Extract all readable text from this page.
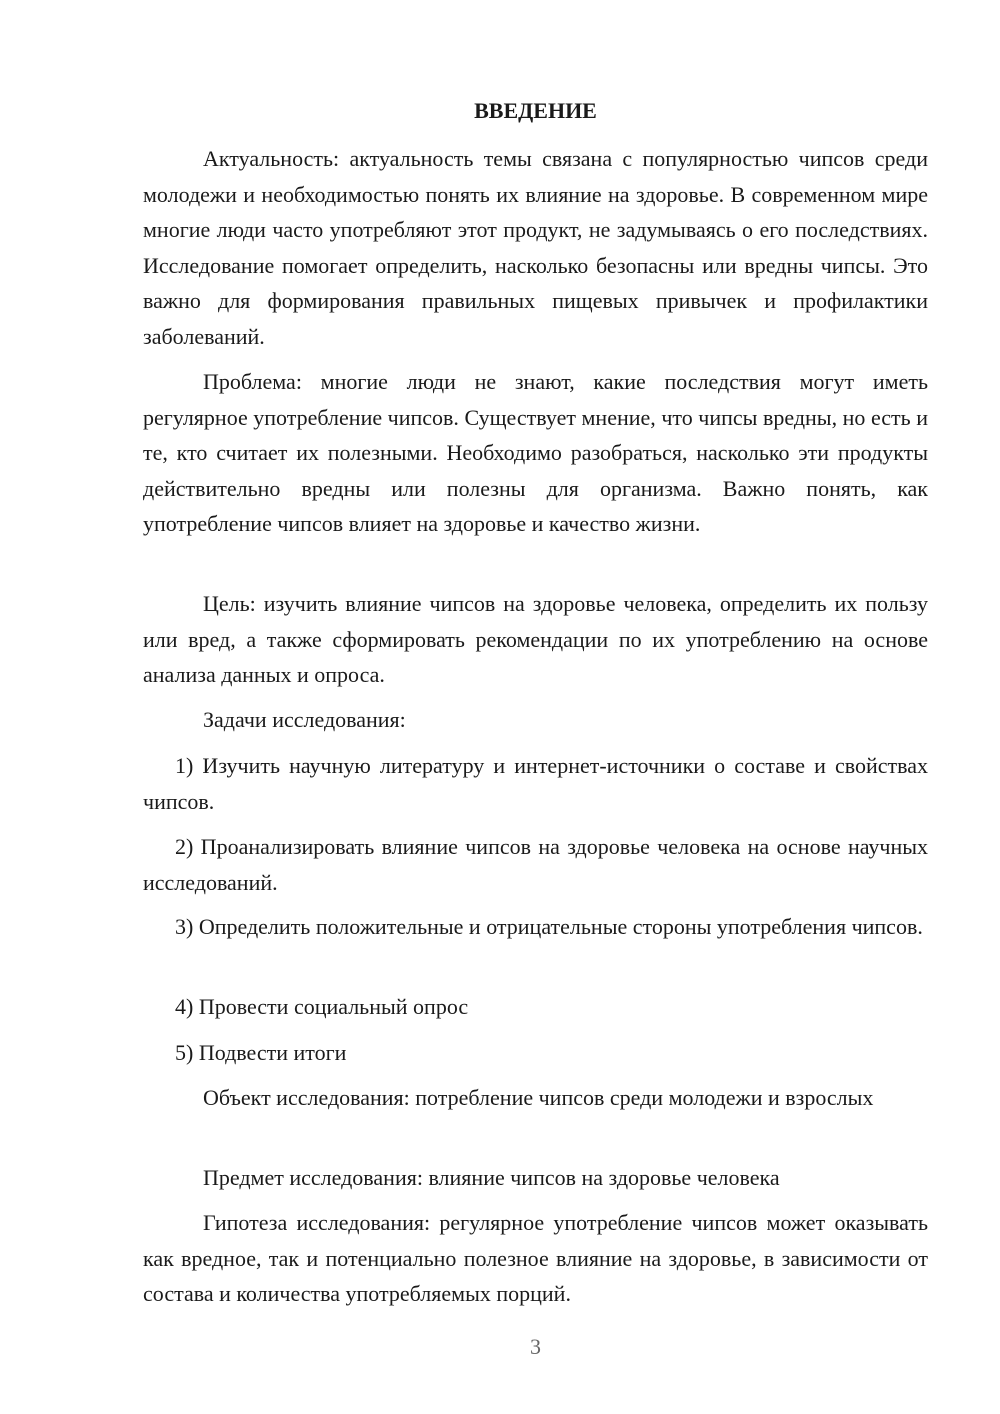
ВВЕДЕНИЕ

Актуальность: актуальность темы связана с популярностью чипсов среди молодежи и необходимостью понять их влияние на здоровье. В современном мире многие люди часто употребляют этот продукт, не задумываясь о его последствиях. Исследование помогает определить, насколько безопасны или вредны чипсы. Это важно для формирования правильных пищевых привычек и профилактики заболеваний.

Проблема: многие люди не знают, какие последствия могут иметь регулярное употребление чипсов. Существует мнение, что чипсы вредны, но есть и те, кто считает их полезными. Необходимо разобраться, насколько эти продукты действительно вредны или полезны для организма. Важно понять, как употребление чипсов влияет на здоровье и качество жизни.

Цель: изучить влияние чипсов на здоровье человека, определить их пользу или вред, а также сформировать рекомендации по их употреблению на основе анализа данных и опроса.

Задачи исследования:

1) Изучить научную литературу и интернет-источники о составе и свойствах чипсов.

2) Проанализировать влияние чипсов на здоровье человека на основе научных исследований.

3) Определить положительные и отрицательные стороны употребления чипсов.

4) Провести социальный опрос

5) Подвести итоги

Объект исследования: потребление чипсов среди молодежи и взрослых

Предмет исследования: влияние чипсов на здоровье человека

Гипотеза исследования: регулярное употребление чипсов может оказывать как вредное, так и потенциально полезное влияние на здоровье, в зависимости от состава и количества употребляемых порций.

3
